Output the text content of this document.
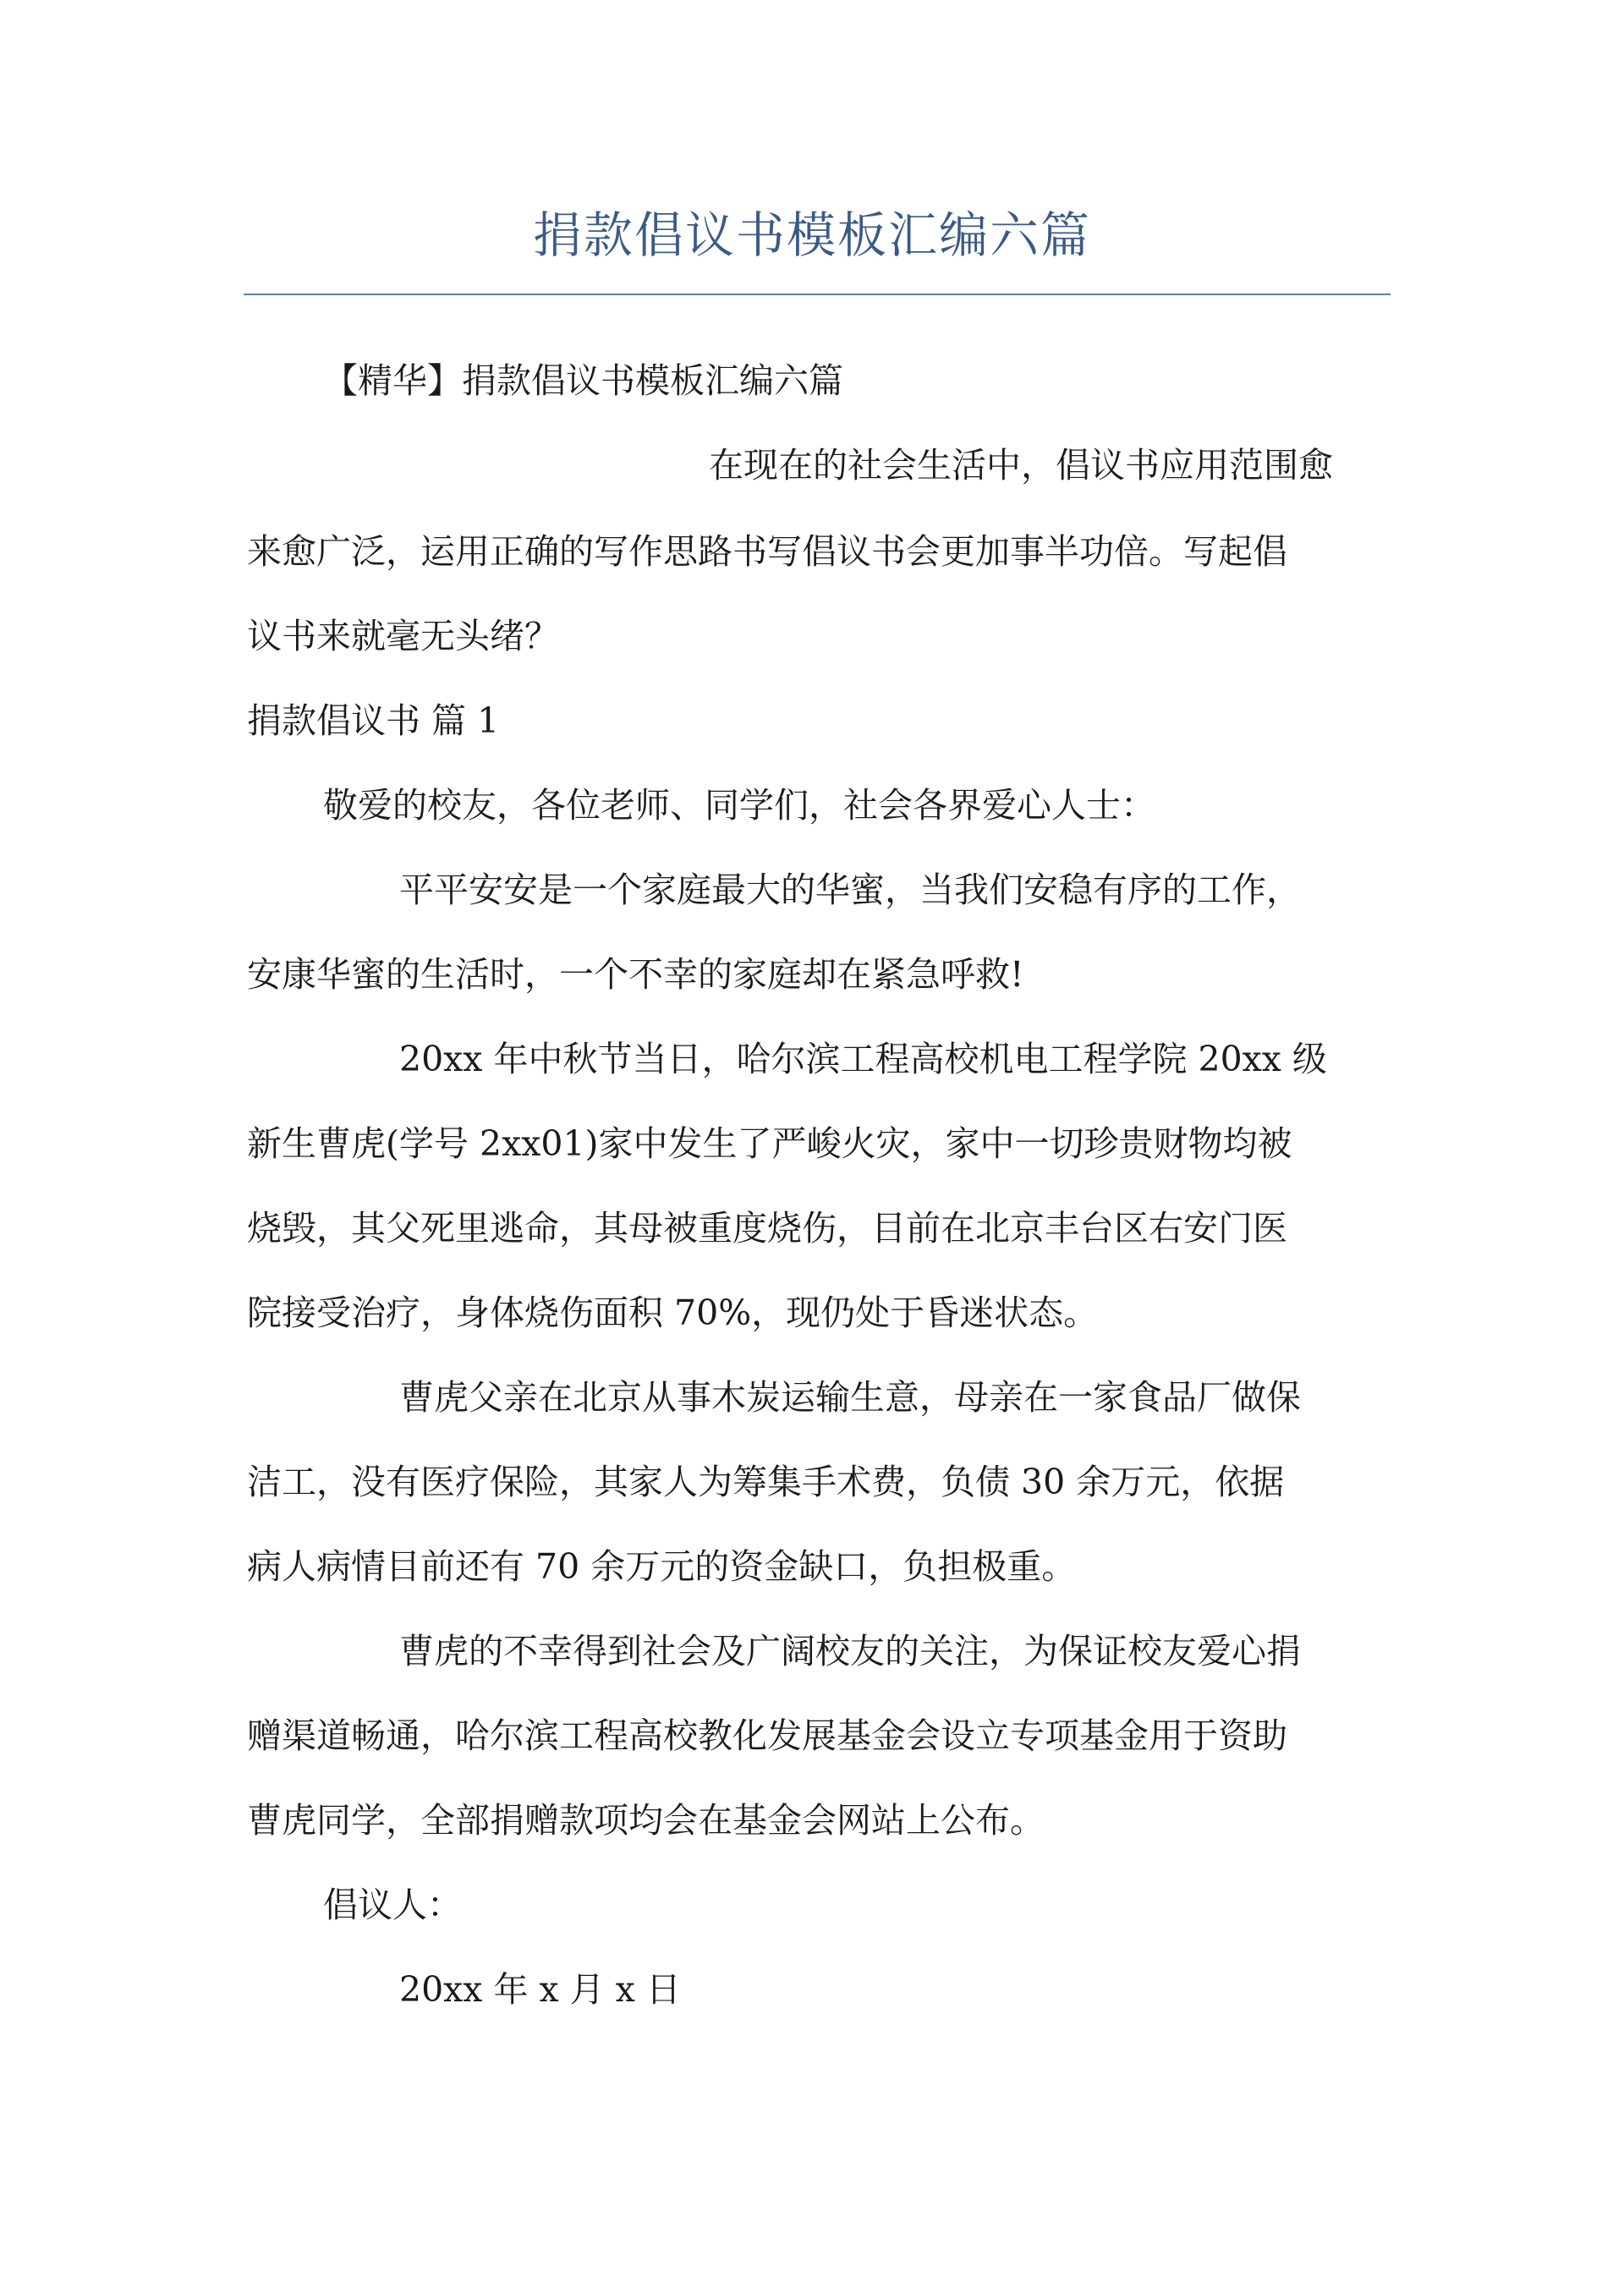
捐款倡议书模板汇编六篇
【精华】捐款倡议书模板汇编六篇
在现在的社会生活中，倡议书应用范围愈
来愈广泛，运用正确的写作思路书写倡议书会更加事半功倍。写起倡
议书来就毫无头绪？
捐款倡议书 篇 1
敬爱的校友，各位老师、同学们，社会各界爱心人士：
平平安安是一个家庭最大的华蜜，当我们安稳有序的工作，
安康华蜜的生活时，一个不幸的家庭却在紧急呼救!
20xx 年中秋节当日，哈尔滨工程高校机电工程学院 20xx 级
新生曹虎(学号 2xx01)家中发生了严峻火灾，家中一切珍贵财物均被
烧毁，其父死里逃命，其母被重度烧伤，目前在北京丰台区右安门医
院接受治疗，身体烧伤面积 70%，现仍处于昏迷状态。
曹虎父亲在北京从事木炭运输生意，母亲在一家食品厂做保
洁工，没有医疗保险，其家人为筹集手术费，负债 30 余万元，依据
病人病情目前还有 70 余万元的资金缺口，负担极重。
曹虎的不幸得到社会及广阔校友的关注，为保证校友爱心捐
赠渠道畅通，哈尔滨工程高校教化发展基金会设立专项基金用于资助
曹虎同学，全部捐赠款项均会在基金会网站上公布。
倡议人：
20xx 年 x 月 x 日
